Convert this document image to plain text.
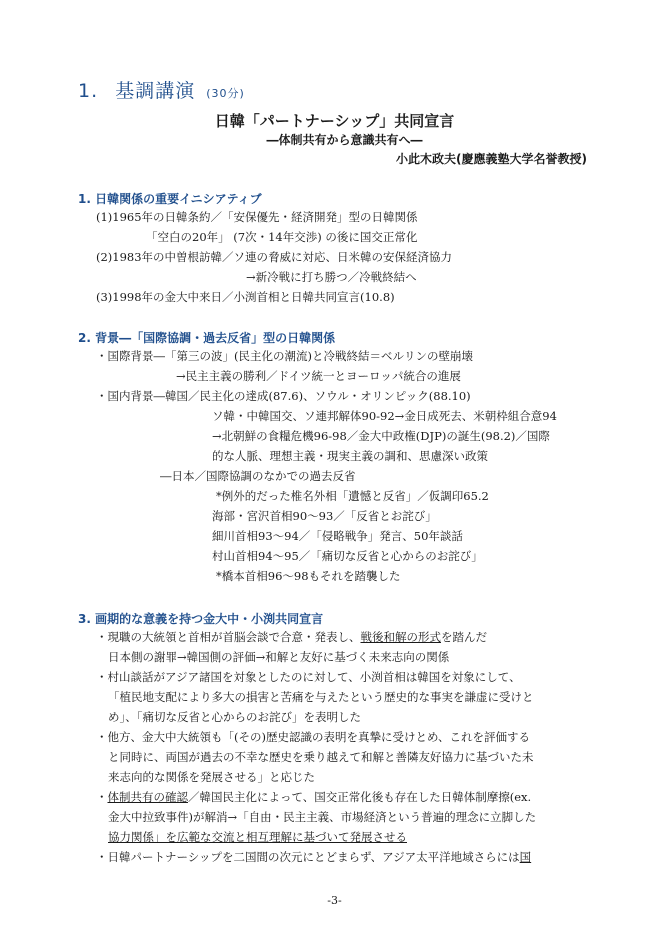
1. 基調講演 (30分)
日韓「パートナーシップ」共同宣言
―体制共有から意識共有へ―
小此木政夫(慶應義塾大学名誉教授)
1. 日韓関係の重要イニシアティブ
(1)1965年の日韓条約／「安保優先・経済開発」型の日韓関係
「空白の20年」 (7次・14年交渉) の後に国交正常化
(2)1983年の中曽根訪韓／ソ連の脅威に対応、日米韓の安保経済協力
→新冷戦に打ち勝つ／冷戦終結へ
(3)1998年の金大中来日／小渕首相と日韓共同宣言(10.8)
2. 背景―「国際協調・過去反省」型の日韓関係
・国際背景―「第三の波」(民主化の潮流)と冷戦終結＝ベルリンの壁崩壊
→民主主義の勝利／ドイツ統一とヨーロッパ統合の進展
・国内背景―韓国／民主化の達成(87.6)、ソウル・オリンピック(88.10)
ソ韓・中韓国交、ソ連邦解体90-92→金日成死去、米朝枠組合意94
→北朝鮮の食糧危機96-98／金大中政権(DJP)の誕生(98.2)／国際
的な人脈、理想主義・現実主義の調和、思慮深い政策
―日本／国際協調のなかでの過去反省
*例外的だった椎名外相「遺憾と反省」／仮調印65.2
海部・宮沢首相90～93／「反省とお詫び」
細川首相93～94／「侵略戦争」発言、50年談話
村山首相94～95／「痛切な反省と心からのお詫び」
*橋本首相96～98もそれを踏襲した
3. 画期的な意義を持つ金大中・小渕共同宣言
・現職の大統領と首相が首脳会談で合意・発表し、戦後和解の形式を踏んだ
日本側の謝罪→韓国側の評価→和解と友好に基づく未来志向の関係
・村山談話がアジア諸国を対象としたのに対して、小渕首相は韓国を対象にして、
「植民地支配により多大の損害と苦痛を与えたという歴史的な事実を謙虚に受けと
め」、「痛切な反省と心からのお詫び」を表明した
・他方、金大中大統領も「(その)歴史認識の表明を真摯に受けとめ、これを評価する
と同時に、両国が過去の不幸な歴史を乗り越えて和解と善隣友好協力に基づいた未
来志向的な関係を発展させる」と応じた
・体制共有の確認／韓国民主化によって、国交正常化後も存在した日韓体制摩擦(ex.
金大中拉致事件)が解消→「自由・民主主義、市場経済という普遍的理念に立脚した
協力関係」を広範な交流と相互理解に基づいて発展させる
・日韓パートナーシップを二国間の次元にとどまらず、アジア太平洋地域さらには国
-3-
